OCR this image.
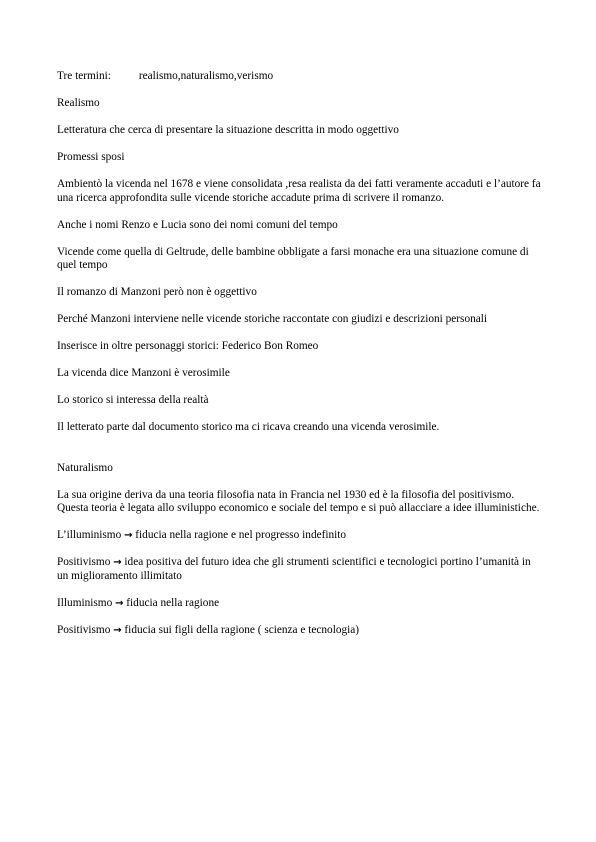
Tre termini: realismo,naturalismo,verismo

Realismo

Letteratura che cerca di presentare la situazione descritta in modo oggettivo

Promessi sposi

Ambientò la vicenda nel 1678 e viene consolidata ,resa realista da dei fatti veramente accaduti e l’autore fa una ricerca approfondita sulle vicende storiche accadute prima di scrivere il romanzo.

Anche i nomi Renzo e Lucia sono dei nomi comuni del tempo

Vicende come quella di Geltrude, delle bambine obbligate a farsi monache era una situazione comune di quel tempo

Il romanzo di Manzoni però non è oggettivo

Perché Manzoni interviene nelle vicende storiche raccontate con giudizi e descrizioni personali

Inserisce in oltre personaggi storici: Federico Bon Romeo

La vicenda dice Manzoni è verosimile

Lo storico si interessa della realtà

Il letterato parte dal documento storico ma ci ricava creando una vicenda verosimile.

Naturalismo

La sua origine deriva da una teoria filosofia nata in Francia nel 1930 ed è la filosofia del positivismo. Questa teoria è legata allo sviluppo economico e sociale del tempo e si può allacciare a idee illuministiche.

L’illuminismo → fiducia nella ragione e nel progresso indefinito

Positivismo → idea positiva del futuro idea che gli strumenti scientifici e tecnologici portino l’umanità in un miglioramento illimitato

Illuminismo → fiducia nella ragione

Positivismo → fiducia sui figli della ragione ( scienza e tecnologia)
